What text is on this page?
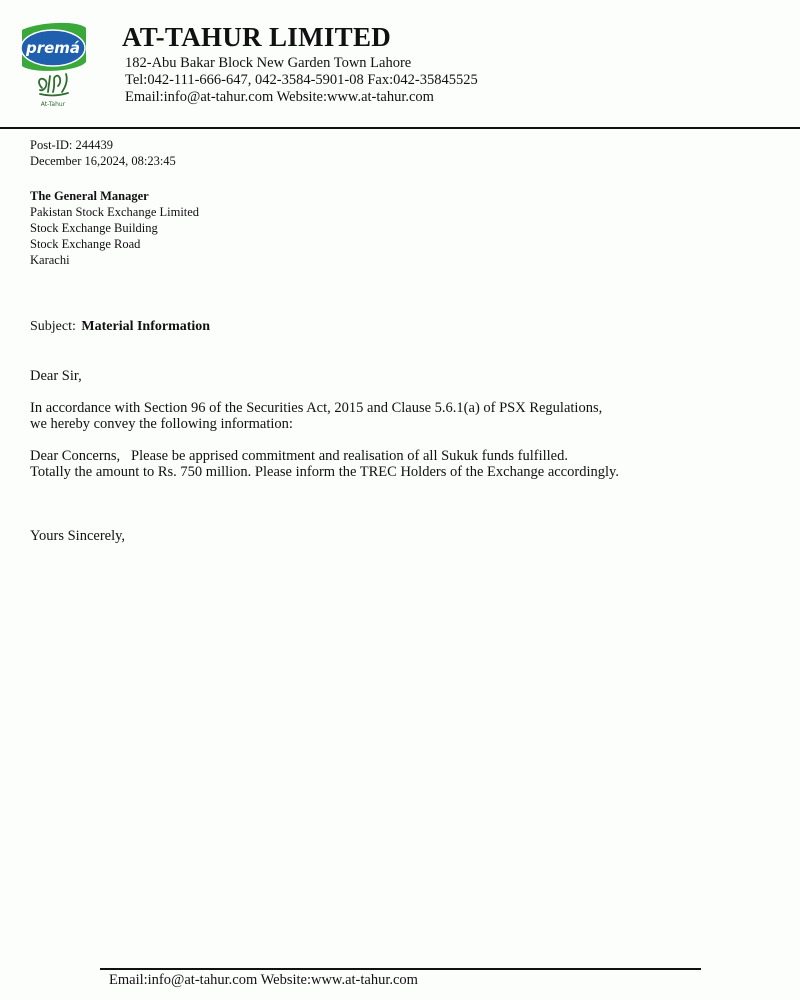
premá
At-Tahur
AT-TAHUR LIMITED
182-Abu Bakar Block New Garden Town Lahore
Tel:042-111-666-647, 042-3584-5901-08 Fax:042-35845525
Email:info@at-tahur.com Website:www.at-tahur.com
Post-ID: 244439
December 16,2024, 08:23:45
The General Manager
Pakistan Stock Exchange Limited
Stock Exchange Building
Stock Exchange Road
Karachi
Subject: Material Information
Dear Sir,
In accordance with Section 96 of the Securities Act, 2015 and Clause 5.6.1(a) of PSX Regulations,
we hereby convey the following information:
Dear Concerns,   Please be apprised commitment and realisation of all Sukuk funds fulfilled.
Totally the amount to Rs. 750 million. Please inform the TREC Holders of the Exchange accordingly.
Yours Sincerely,
Email:info@at-tahur.com Website:www.at-tahur.com
